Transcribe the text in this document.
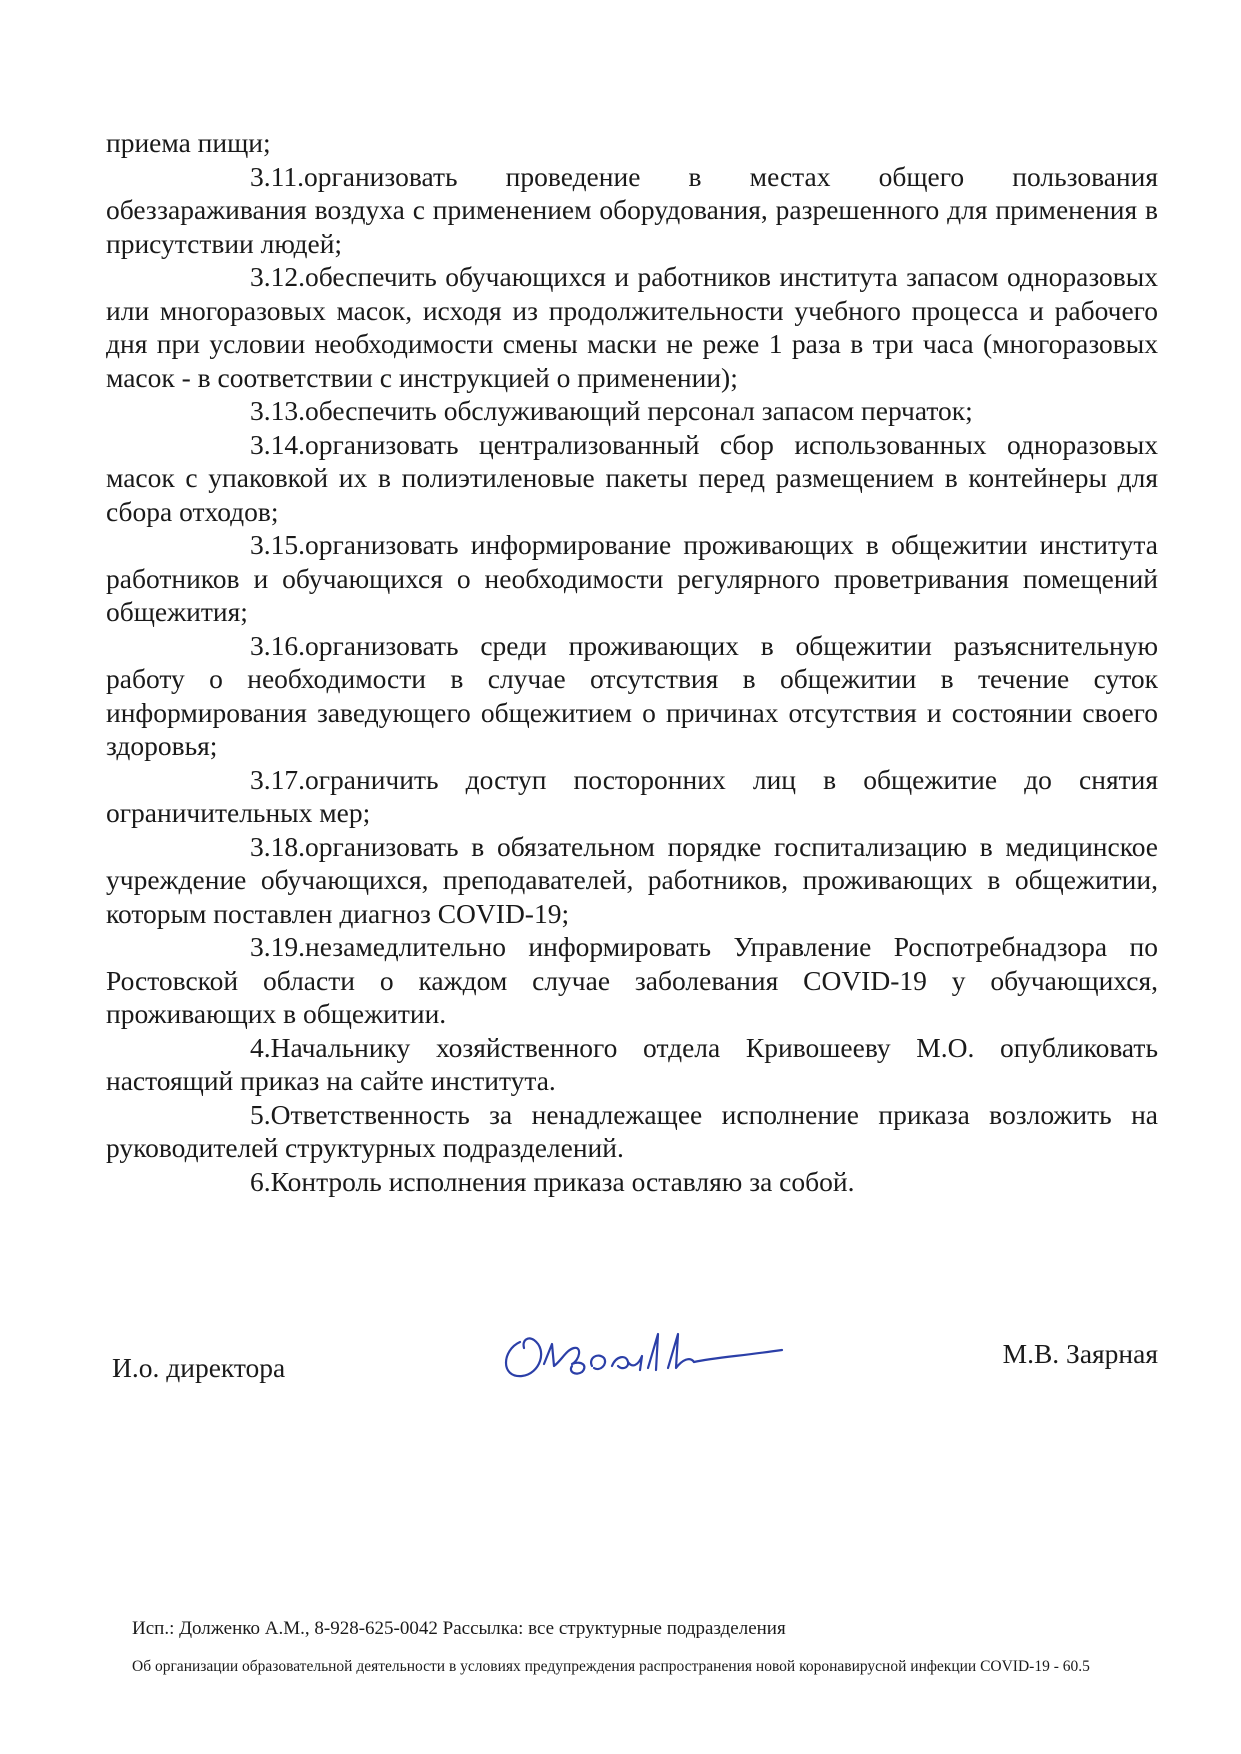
приема пищи;

3.11.организовать проведение в местах общего пользования обеззараживания воздуха с применением оборудования, разрешенного для применения в присутствии людей;

3.12.обеспечить обучающихся и работников института запасом одноразовых или многоразовых масок, исходя из продолжительности учебного процесса и рабочего дня при условии необходимости смены маски не реже 1 раза в три часа (многоразовых масок - в соответствии с инструкцией о применении);

3.13.обеспечить обслуживающий персонал запасом перчаток;

3.14.организовать централизованный сбор использованных одноразовых масок с упаковкой их в полиэтиленовые пакеты перед размещением в контейнеры для сбора отходов;

3.15.организовать информирование проживающих в общежитии института работников и обучающихся о необходимости регулярного проветривания помещений общежития;

3.16.организовать среди проживающих в общежитии разъяснительную работу о необходимости в случае отсутствия в общежитии в течение суток информирования заведующего общежитием о причинах отсутствия и состоянии своего здоровья;

3.17.ограничить доступ посторонних лиц в общежитие до снятия ограничительных мер;

3.18.организовать в обязательном порядке госпитализацию в медицинское учреждение обучающихся, преподавателей, работников, проживающих в общежитии, которым поставлен диагноз COVID-19;

3.19.незамедлительно информировать Управление Роспотребнадзора по Ростовской области о каждом случае заболевания COVID-19 у обучающихся, проживающих в общежитии.

4.Начальнику хозяйственного отдела Кривошееву М.О. опубликовать настоящий приказ на сайте института.

5.Ответственность за ненадлежащее исполнение приказа возложить на руководителей структурных подразделений.

6.Контроль исполнения приказа оставляю за собой.

И.о. директора	М.В. Заярная
Исп.: Долженко А.М., 8-928-625-0042 Рассылка: все структурные подразделения
Об организации образовательной деятельности в условиях предупреждения распространения новой коронавирусной инфекции COVID-19 - 60.5
